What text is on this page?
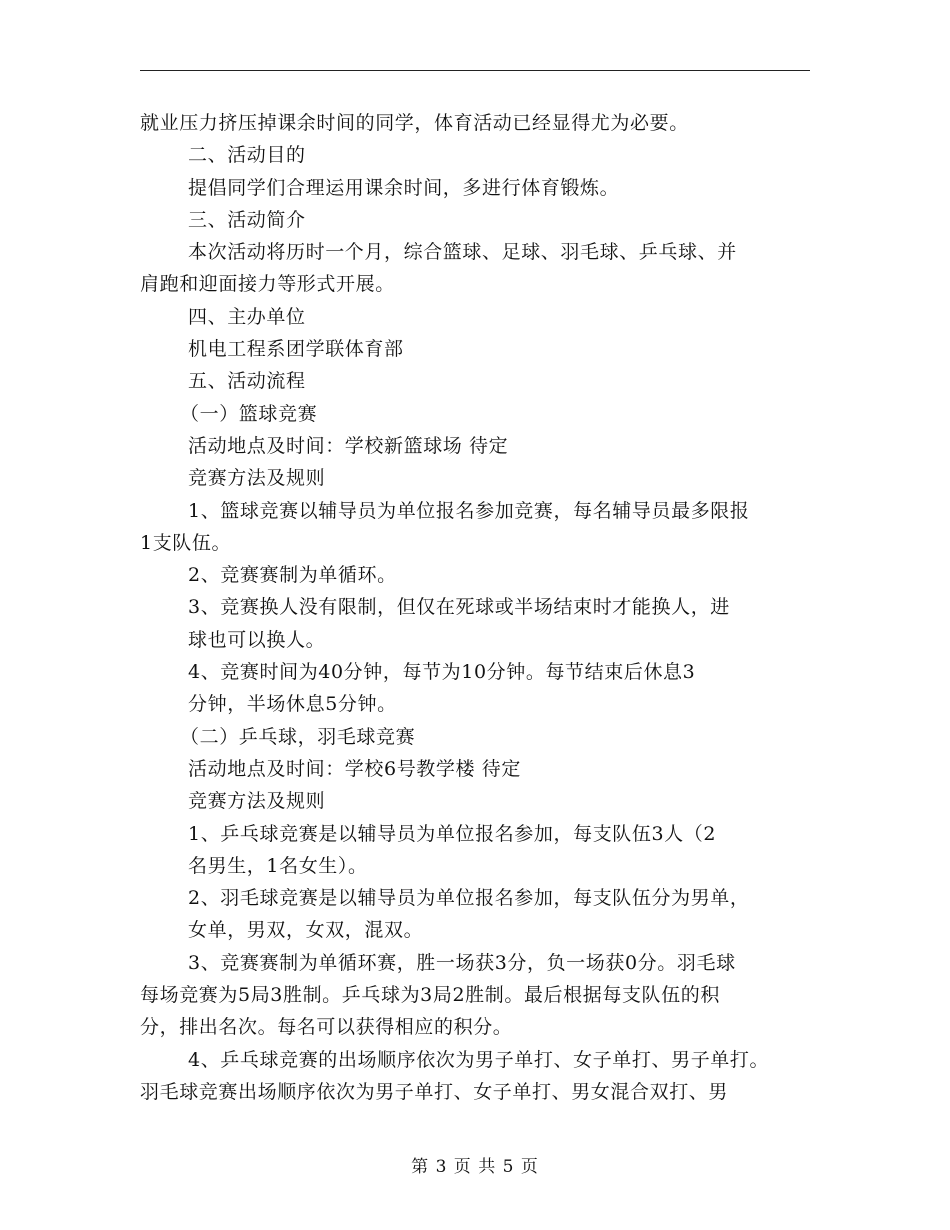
就业压力挤压掉课余时间的同学，体育活动已经显得尤为必要。
二、活动目的
提倡同学们合理运用课余时间，多进行体育锻炼。
三、活动简介
本次活动将历时一个月，综合篮球、足球、羽毛球、乒乓球、并
肩跑和迎面接力等形式开展。
四、主办单位
机电工程系团学联体育部
五、活动流程
（一）篮球竞赛
活动地点及时间：学校新篮球场 待定
竞赛方法及规则
1、篮球竞赛以辅导员为单位报名参加竞赛，每名辅导员最多限报
1支队伍。
2、竞赛赛制为单循环。
3、竞赛换人没有限制，但仅在死球或半场结束时才能换人，进
球也可以换人。
4、竞赛时间为40分钟，每节为10分钟。每节结束后休息3
分钟，半场休息5分钟。
（二）乒乓球，羽毛球竞赛
活动地点及时间：学校6号教学楼 待定
竞赛方法及规则
1、乒乓球竞赛是以辅导员为单位报名参加，每支队伍3人（2
名男生，1名女生）。
2、羽毛球竞赛是以辅导员为单位报名参加，每支队伍分为男单，
女单，男双，女双，混双。
3、竞赛赛制为单循环赛，胜一场获3分，负一场获0分。羽毛球
每场竞赛为5局3胜制。乒乓球为3局2胜制。最后根据每支队伍的积
分，排出名次。每名可以获得相应的积分。
4、乒乓球竞赛的出场顺序依次为男子单打、女子单打、男子单打。
羽毛球竞赛出场顺序依次为男子单打、女子单打、男女混合双打、男
第 3 页 共 5 页
